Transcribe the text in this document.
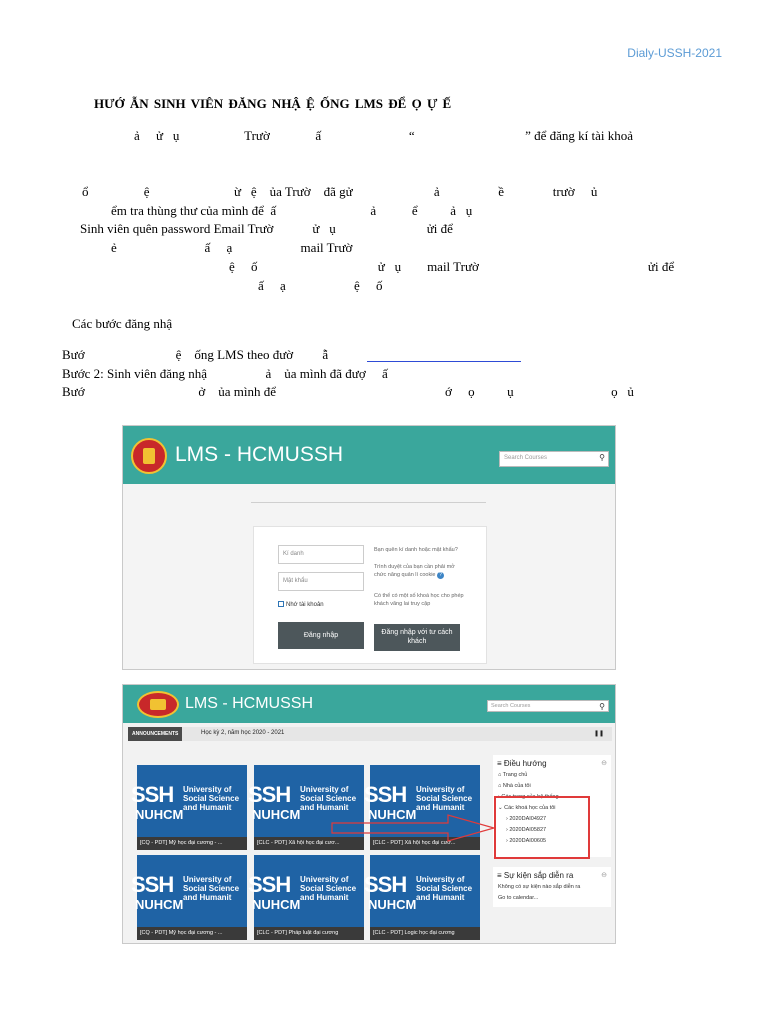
Dialy-USSH-2021
HƯỚ ẪN SINH VIÊN ĐĂNG NHẬ Ệ ỐNG LMS ĐỂ Ọ Ự Ế
ả     ử   ụ                    Trườ              ấ                           “                                  ” để đăng kí tài khoả
ổ                 ệ                          ừ   ệ    ủa Trườ    đã gử                         ả                  ề               trườ     ủ
ểm tra thùng thư của mình để  ấ                             ả           ể          ả   ụ
Sinh viên quên password Email Trườ            ử   ụ                            ửi để
ẻ                           ấ     ạ                     mail Trườ
ệ     ố                                     ử   ụ        mail Trườ                                                    ửi để
ấ     ạ                     ệ     ố
Các bước đăng nhậ
Bướ                            ệ    ống LMS theo đườ         ẫ
Bước 2: Sinh viên đăng nhậ                  ả    ủa mình đã đượ     ấ
Bướ                                   ở    ủa mình để                                                    ớ     ọ          ụ                              ọ   ủ
LMS - HCMUSSH	Search Courses	⚲
Kí danh
Mật khẩu
Nhớ tài khoản
Đăng nhập
Bạn quên kí danh hoặc mật khẩu?
Trình duyệt của bạn cần phải mở chức năng quản lí cookie ?
Có thể có một số khoá học cho phép khách vãng lai truy cập
Đăng nhập với tư cách khách
LMS - HCMUSSH	Search Courses	⚲
ANNOUNCEMENTS	Học kỳ 2, năm học 2020 - 2021	❚❚
SSH
NUHCM
University of
Social Science
and Humanit
[CQ - PDT] Mỹ học đại cương - ...
SSH
NUHCM
University of
Social Science
and Humanit
[CLC - PDT] Xã hội học đại cươ...
SSH
NUHCM
University of
Social Science
and Humanit
[CLC - PDT] Xã hội học đại cươ...
SSH
NUHCM
University of
Social Science
and Humanit
[CQ - PDT] Mỹ học đại cương - ...
SSH
NUHCM
University of
Social Science
and Humanit
[CLC - PDT] Pháp luật đại cương
SSH
NUHCM
University of
Social Science
and Humanit
[CLC - PDT] Logic học đại cương
≡ Điều hướng	⊖
⌂ Trang chủ
⌂ Nhà của tôi
› Các trang của hệ thống
⌄ Các khoá học của tôi
› 2020DAI04927
› 2020DAI05827
› 2020DAI00605
≡ Sự kiện sắp diễn ra	⊖
Không có sự kiện nào sắp diễn ra
Go to calendar...
